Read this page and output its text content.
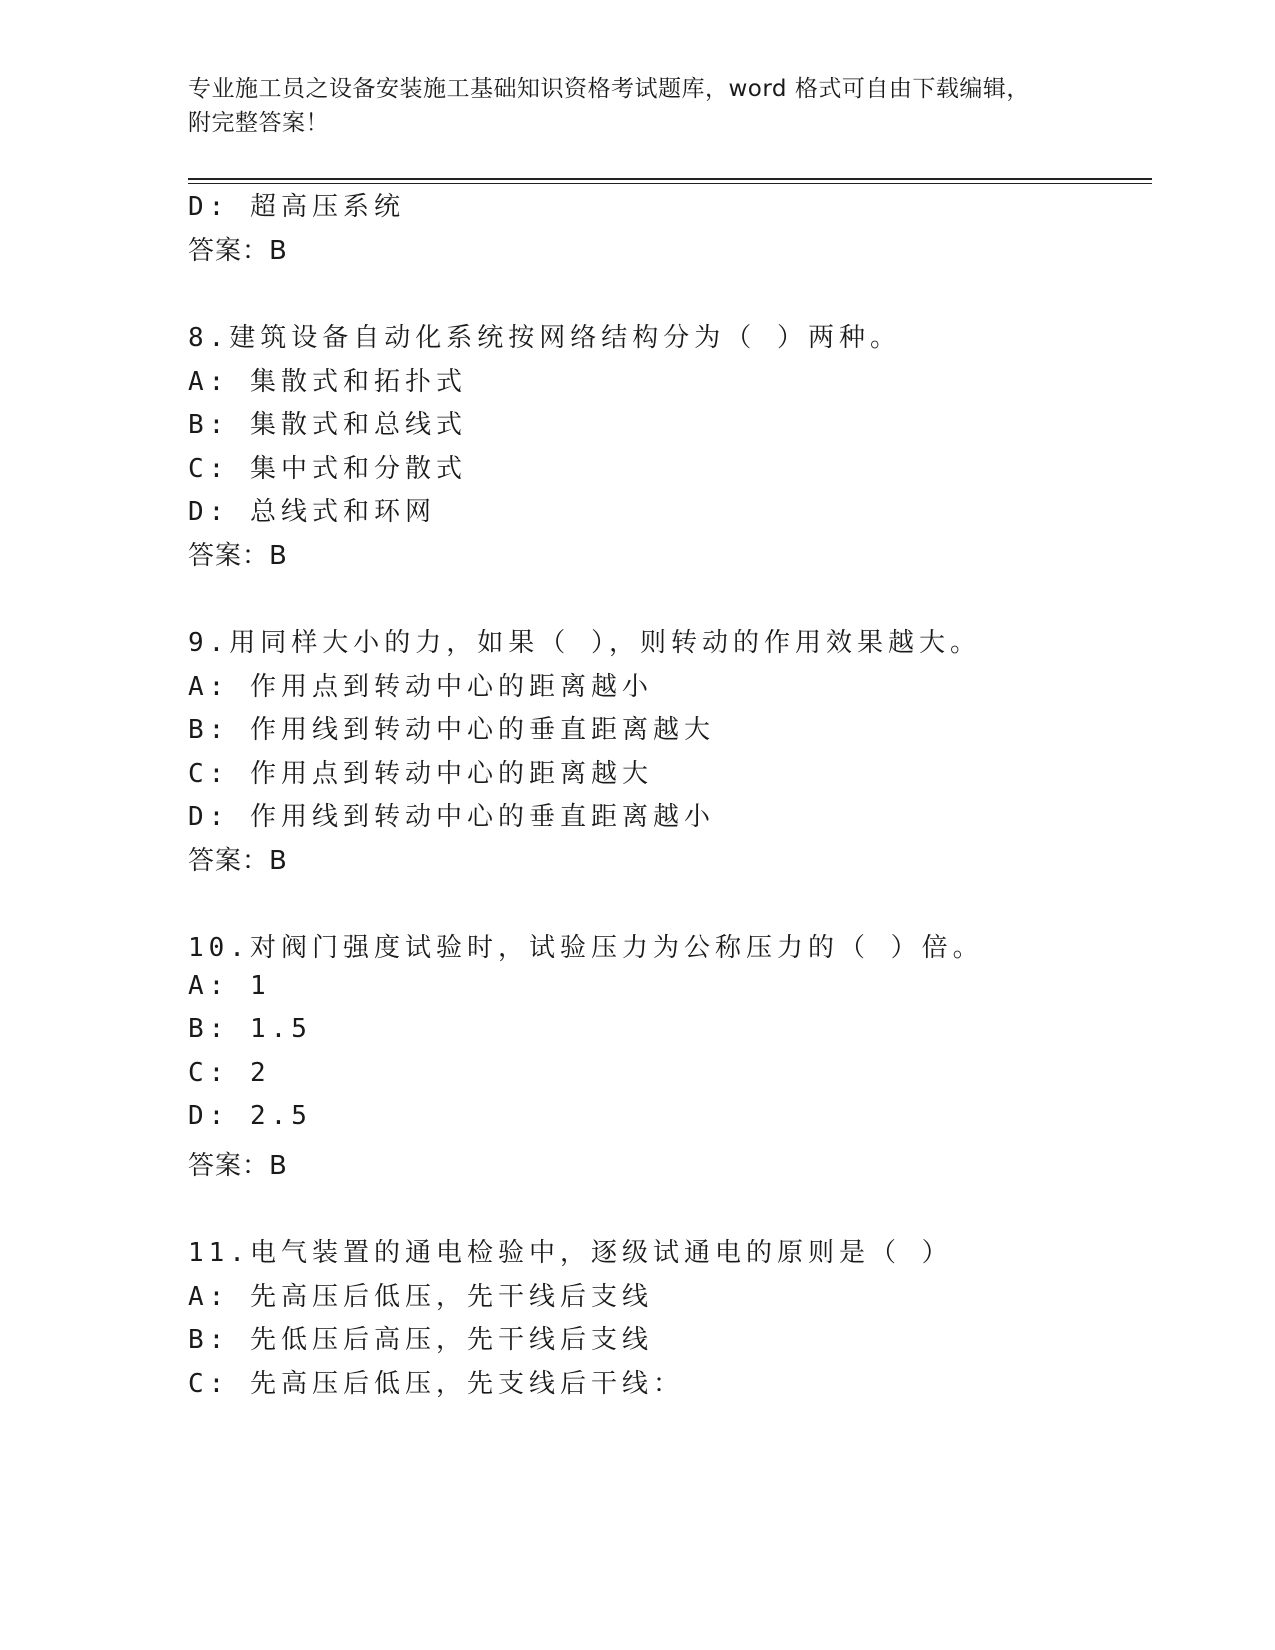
专业施工员之设备安装施工基础知识资格考试题库，word 格式可自由下载编辑，
附完整答案！
D: 超高压系统
答案：B
8.建筑设备自动化系统按网络结构分为（ ）两种。
A: 集散式和拓扑式
B: 集散式和总线式
C: 集中式和分散式
D: 总线式和环网
答案：B
9.用同样大小的力，如果（ ），则转动的作用效果越大。
A: 作用点到转动中心的距离越小
B: 作用线到转动中心的垂直距离越大
C: 作用点到转动中心的距离越大
D: 作用线到转动中心的垂直距离越小
答案：B
10.对阀门强度试验时，试验压力为公称压力的（ ）倍。
A: 1
B: 1.5
C: 2
D: 2.5
答案：B
11.电气装置的通电检验中，逐级试通电的原则是（ ）
A: 先高压后低压，先干线后支线
B: 先低压后高压，先干线后支线
C: 先高压后低压，先支线后干线：
